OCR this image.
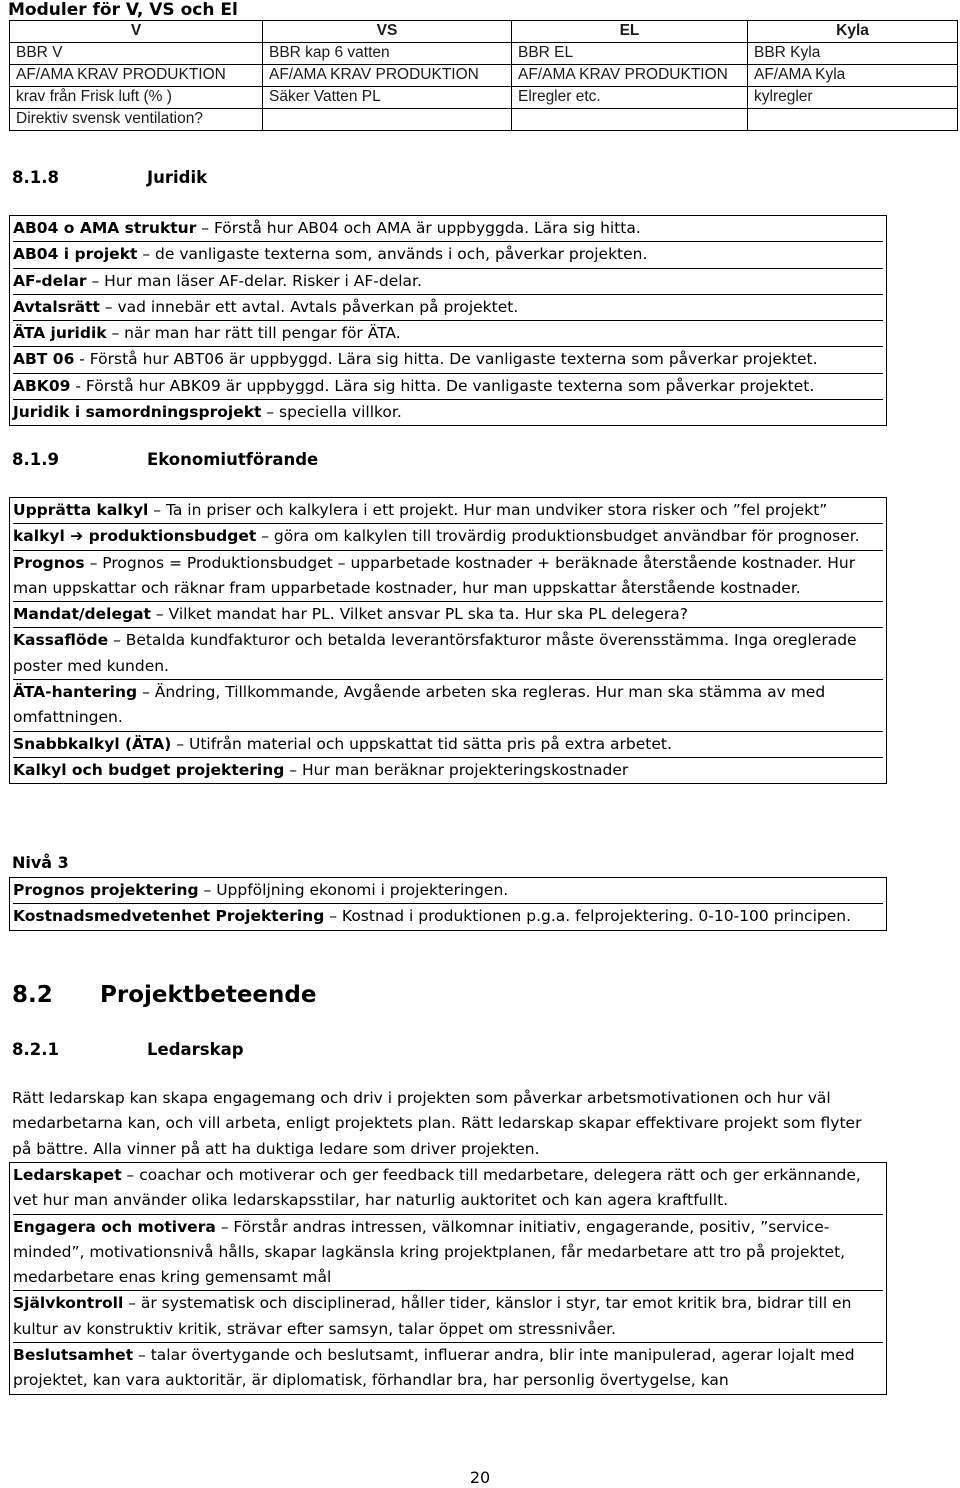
Moduler för V, VS och El
V	VS	EL	Kyla
BBR V	BBR kap 6 vatten	BBR EL	BBR Kyla
AF/AMA KRAV PRODUKTION	AF/AMA KRAV PRODUKTION	AF/AMA KRAV PRODUKTION	AF/AMA Kyla
krav från Frisk luft (% )	Säker Vatten PL	Elregler etc.	kylregler
Direktiv svensk ventilation?			
8.1.8	Juridik
AB04 o AMA struktur – Förstå hur AB04 och AMA är uppbyggda. Lära sig hitta.
AB04 i projekt – de vanligaste texterna som, används i och, påverkar projekten.
AF-delar – Hur man läser AF-delar. Risker i AF-delar.
Avtalsrätt – vad innebär ett avtal. Avtals påverkan på projektet.
ÄTA juridik – när man har rätt till pengar för ÄTA.
ABT 06 - Förstå hur ABT06 är uppbyggd. Lära sig hitta. De vanligaste texterna som påverkar projektet.
ABK09 - Förstå hur ABK09 är uppbyggd. Lära sig hitta. De vanligaste texterna som påverkar projektet.
Juridik i samordningsprojekt – speciella villkor.
8.1.9	Ekonomiutförande
Upprätta kalkyl – Ta in priser och kalkylera i ett projekt. Hur man undviker stora risker och ”fel projekt”
kalkyl ➔ produktionsbudget – göra om kalkylen till trovärdig produktionsbudget användbar för prognoser.
Prognos – Prognos = Produktionsbudget – upparbetade kostnader + beräknade återstående kostnader. Hur man uppskattar och räknar fram upparbetade kostnader, hur man uppskattar återstående kostnader.
Mandat/delegat – Vilket mandat har PL. Vilket ansvar PL ska ta. Hur ska PL delegera?
Kassaflöde – Betalda kundfakturor och betalda leverantörsfakturor måste överensstämma. Inga oreglerade poster med kunden.
ÄTA-hantering – Ändring, Tillkommande, Avgående arbeten ska regleras. Hur man ska stämma av med omfattningen.
Snabbkalkyl (ÄTA) – Utifrån material och uppskattat tid sätta pris på extra arbetet.
Kalkyl och budget projektering – Hur man beräknar projekteringskostnader
Nivå 3
Prognos projektering – Uppföljning ekonomi i projekteringen.
Kostnadsmedvetenhet Projektering – Kostnad i produktionen p.g.a. felprojektering. 0-10-100 principen.
8.2 Projektbeteende
8.2.1	Ledarskap
Rätt ledarskap kan skapa engagemang och driv i projekten som påverkar arbetsmotivationen och hur väl medarbetarna kan, och vill arbeta, enligt projektets plan. Rätt ledarskap skapar effektivare projekt som flyter på bättre. Alla vinner på att ha duktiga ledare som driver projekten.
Ledarskapet – coachar och motiverar och ger feedback till medarbetare, delegera rätt och ger erkännande, vet hur man använder olika ledarskapsstilar, har naturlig auktoritet och kan agera kraftfullt.
Engagera och motivera – Förstår andras intressen, välkomnar initiativ, engagerande, positiv, ”service-minded”, motivationsnivå hålls, skapar lagkänsla kring projektplanen, får medarbetare att tro på projektet, medarbetare enas kring gemensamt mål
Självkontroll – är systematisk och disciplinerad, håller tider, känslor i styr, tar emot kritik bra, bidrar till en kultur av konstruktiv kritik, strävar efter samsyn, talar öppet om stressnivåer.
Beslutsamhet – talar övertygande och beslutsamt, influerar andra, blir inte manipulerad, agerar lojalt med projektet, kan vara auktoritär, är diplomatisk, förhandlar bra, har personlig övertygelse, kan
20
